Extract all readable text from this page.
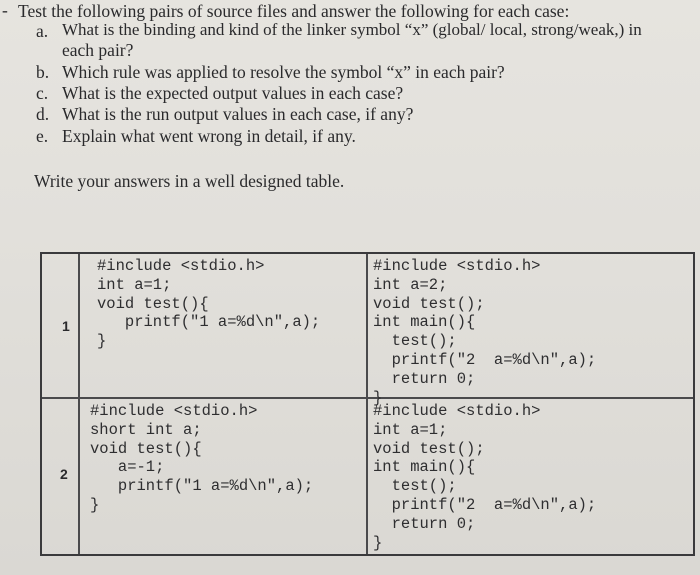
- Test the following pairs of source files and answer the following for each case:
a. What is the binding and kind of the linker symbol “x” (global/ local, strong/weak,) in
each pair?
b. Which rule was applied to resolve the symbol “x” in each pair?
c. What is the expected output values in each case?
d. What is the run output values in each case, if any?
e. Explain what went wrong in detail, if any.
Write your answers in a well designed table.
1
#include <stdio.h>
int a=1;
void test(){
printf("1 a=%d\n",a);
}
#include <stdio.h>
int a=2;
void test();
int main(){
test();
printf("2  a=%d\n",a);
return 0;
}
2
#include <stdio.h>
short int a;
void test(){
a=-1;
printf("1 a=%d\n",a);
}
#include <stdio.h>
int a=1;
void test();
int main(){
test();
printf("2  a=%d\n",a);
return 0;
}
